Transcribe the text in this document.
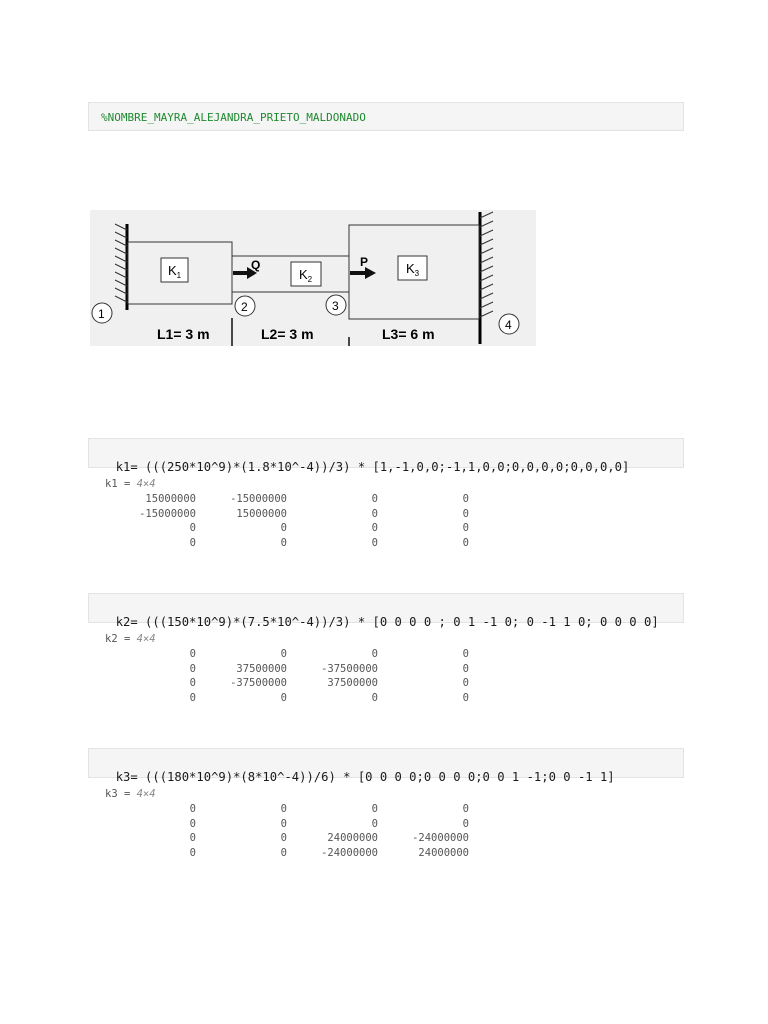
%NOMBRE_MAYRA_ALEJANDRA_PRIETO_MALDONADO
$K_1$	$K_2$
$K_3$
Q	P
1	2	3
4
L1= 3 m	L2= 3 m	L3= 6 m

k1= (((250*10^9)*(1.8*10^-4))/3) * [1,-1,0,0;-1,1,0,0;0,0,0,0;0,0,0,0]

k1 = 4×4
15000000	-15000000	0	0
-15000000	15000000	0	0
0	0	0	0
0	0	0	0

k2= (((150*10^9)*(7.5*10^-4))/3) * [0 0 0 0 ; 0 1 -1 0; 0 -1 1 0; 0 0 0 0]

k2 = 4×4
0	0	0	0
0	37500000	-37500000	0
0	-37500000	37500000	0
0	0	0	0

k3= (((180*10^9)*(8*10^-4))/6) * [0 0 0 0;0 0 0 0;0 0 1 -1;0 0 -1 1]

k3 = 4×4
0	0	0	0
0	0	0	0
0	0	24000000	-24000000
0	0	-24000000	24000000
